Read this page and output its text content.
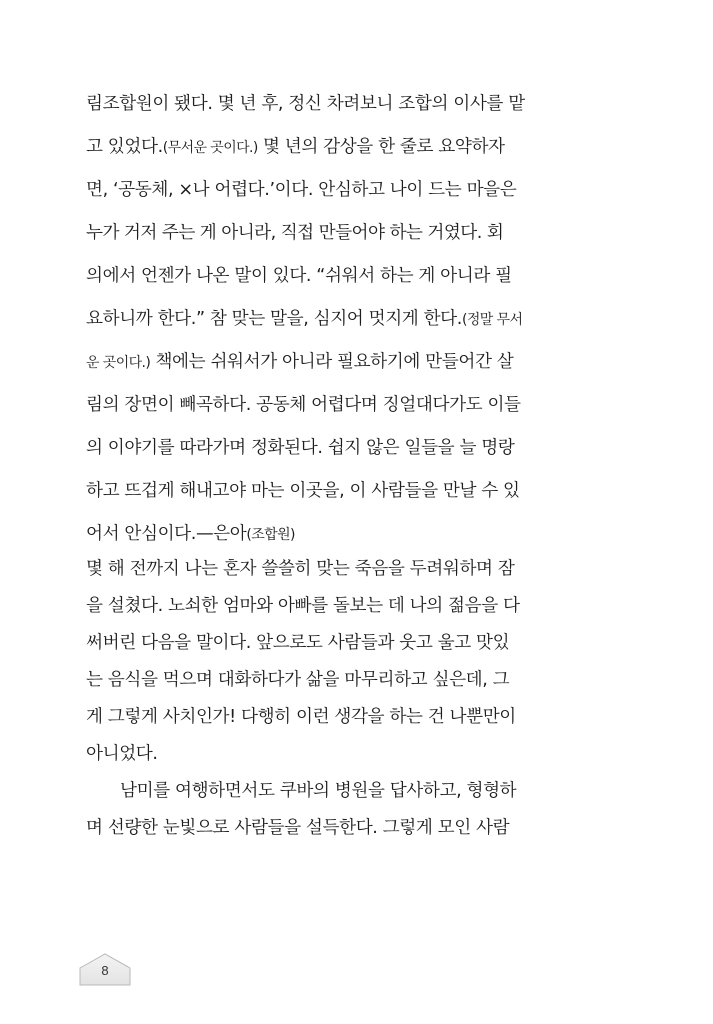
림조합원이 됐다. 몇 년 후, 정신 차려보니 조합의 이사를 맡
고 있었다.(무서운 곳이다.) 몇 년의 감상을 한 줄로 요약하자
면, ‘공동체, ×나 어렵다.’이다. 안심하고 나이 드는 마을은
누가 거저 주는 게 아니라, 직접 만들어야 하는 거였다. 회
의에서 언젠가 나온 말이 있다. “쉬워서 하는 게 아니라 필
요하니까 한다.” 참 맞는 말을, 심지어 멋지게 한다.(정말 무서
운 곳이다.) 책에는 쉬워서가 아니라 필요하기에 만들어간 살
림의 장면이 빼곡하다. 공동체 어렵다며 징얼대다가도 이들
의 이야기를 따라가며 정화된다. 쉽지 않은 일들을 늘 명랑
하고 뜨겁게 해내고야 마는 이곳을, 이 사람들을 만날 수 있
어서 안심이다.—은아(조합원)
몇 해 전까지 나는 혼자 쓸쓸히 맞는 죽음을 두려워하며 잠
을 설쳤다. 노쇠한 엄마와 아빠를 돌보는 데 나의 젊음을 다
써버린 다음을 말이다. 앞으로도 사람들과 웃고 울고 맛있
는 음식을 먹으며 대화하다가 삶을 마무리하고 싶은데, 그
게 그렇게 사치인가! 다행히 이런 생각을 하는 건 나뿐만이
아니었다.
남미를 여행하면서도 쿠바의 병원을 답사하고, 형형하
며 선량한 눈빛으로 사람들을 설득한다. 그렇게 모인 사람
8
